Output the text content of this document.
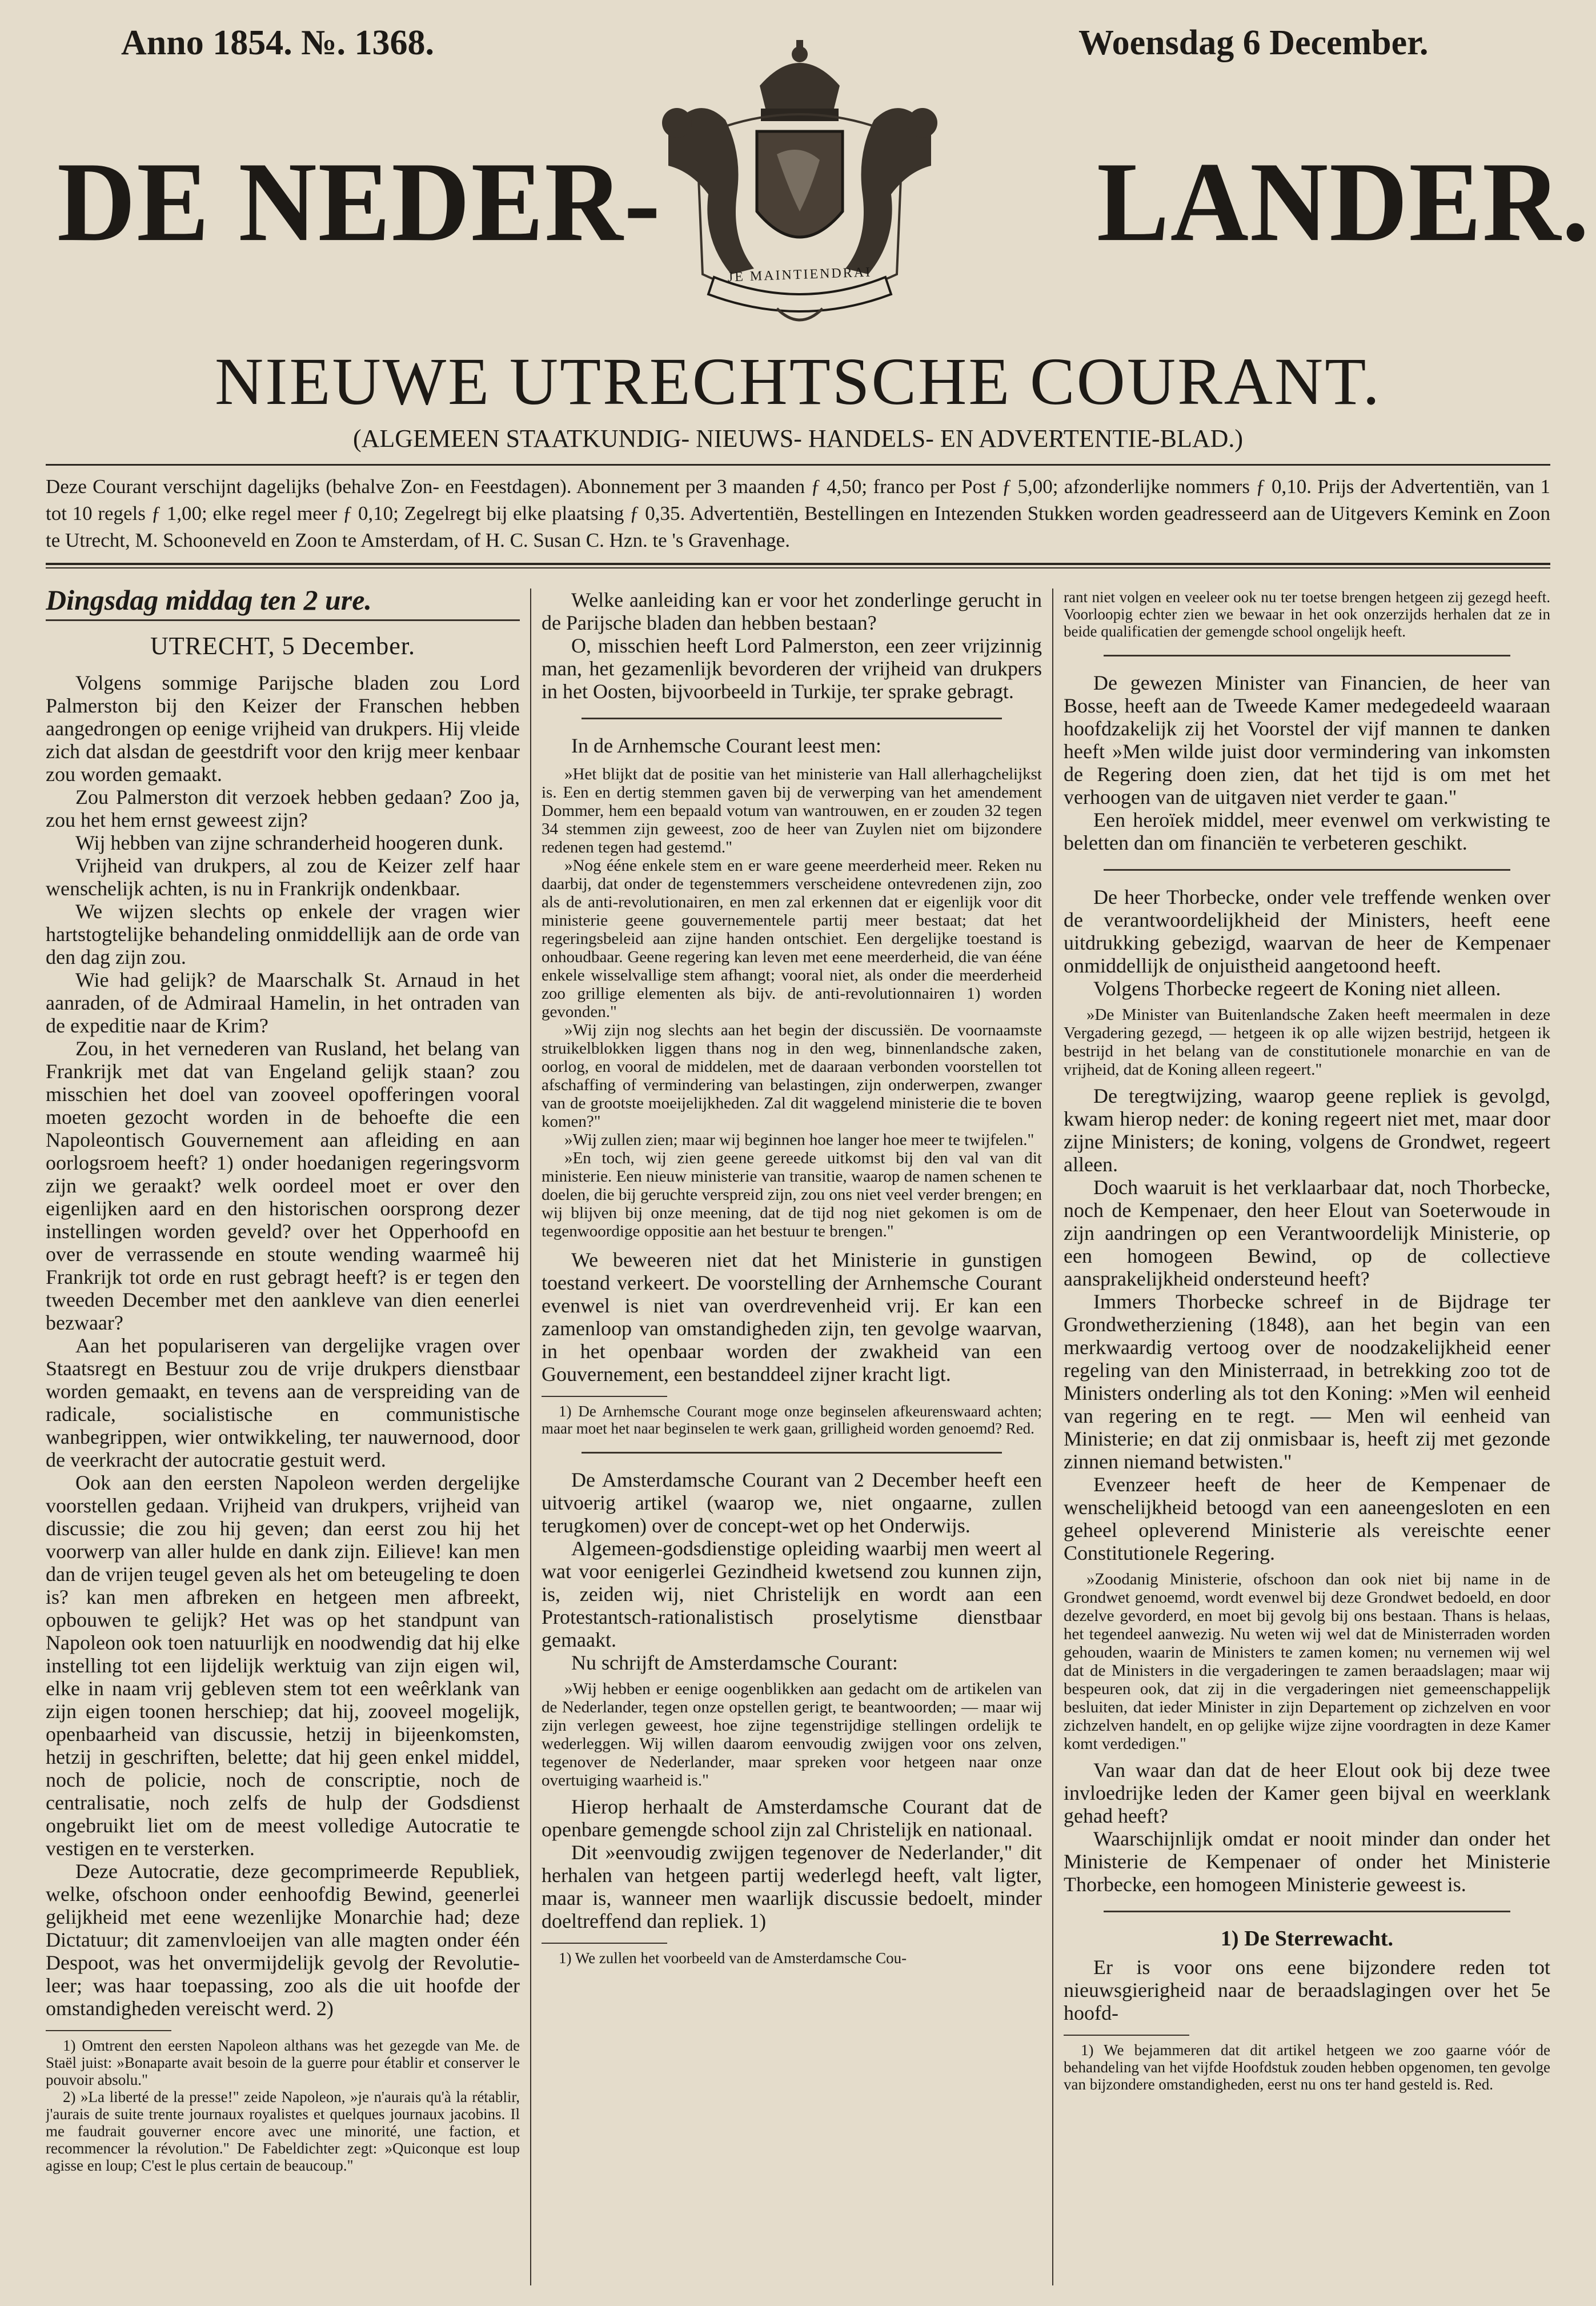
Anno 1854. №. 1368.	Woensdag 6 December.
DE NEDER-	LANDER.
JE MAINTIENDRAI
NIEUWE UTRECHTSCHE COURANT.
(ALGEMEEN STAATKUNDIG- NIEUWS- HANDELS- EN ADVERTENTIE-BLAD.)
Deze Courant verschijnt dagelijks (behalve Zon- en Feestdagen). Abonnement per 3 maanden ƒ 4,50; franco per Post ƒ 5,00; afzonderlijke nommers ƒ 0,10. Prijs der Advertentiën, van 1 tot 10 regels ƒ 1,00; elke regel meer ƒ 0,10; Zegelregt bij elke plaatsing ƒ 0,35. Advertentiën, Bestellingen en Intezenden Stukken worden geadresseerd aan de Uitgevers Kemink en Zoon te Utrecht, M. Schooneveld en Zoon te Amsterdam, of H. C. Susan C. Hzn. te 's Gravenhage.

Dingsdag middag ten 2 ure.

UTRECHT, 5 December.

Volgens sommige Parijsche bladen zou Lord Palmerston bij den Keizer der Franschen hebben aangedrongen op eenige vrijheid van drukpers. Hij vleide zich dat alsdan de geestdrift voor den krijg meer kenbaar zou worden gemaakt.

Zou Palmerston dit verzoek hebben gedaan? Zoo ja, zou het hem ernst geweest zijn?

Wij hebben van zijne schranderheid hoogeren dunk.

Vrijheid van drukpers, al zou de Keizer zelf haar wenschelijk achten, is nu in Frankrijk ondenkbaar.

We wijzen slechts op enkele der vragen wier hartstogtelijke behandeling onmiddellijk aan de orde van den dag zijn zou.

Wie had gelijk? de Maarschalk St. Arnaud in het aanraden, of de Admiraal Hamelin, in het ontraden van de expeditie naar de Krim?

Zou, in het vernederen van Rusland, het belang van Frankrijk met dat van Engeland gelijk staan? zou misschien het doel van zooveel opofferingen vooral moeten gezocht worden in de behoefte die een Napoleontisch Gouvernement aan afleiding en aan oorlogsroem heeft? 1) onder hoedanigen regeringsvorm zijn we geraakt? welk oordeel moet er over den eigenlijken aard en den historischen oorsprong dezer instellingen worden geveld? over het Opperhoofd en over de verrassende en stoute wending waarmeê hij Frankrijk tot orde en rust gebragt heeft? is er tegen den tweeden December met den aankleve van dien eenerlei bezwaar?

Aan het populariseren van dergelijke vragen over Staatsregt en Bestuur zou de vrije drukpers dienstbaar worden gemaakt, en tevens aan de verspreiding van de radicale, socialistische en communistische wanbegrippen, wier ontwikkeling, ter nauwernood, door de veerkracht der autocratie gestuit werd.

Ook aan den eersten Napoleon werden dergelijke voorstellen gedaan. Vrijheid van drukpers, vrijheid van discussie; die zou hij geven; dan eerst zou hij het voorwerp van aller hulde en dank zijn. Eilieve! kan men dan de vrijen teugel geven als het om beteugeling te doen is? kan men afbreken en hetgeen men afbreekt, opbouwen te gelijk? Het was op het standpunt van Napoleon ook toen natuurlijk en noodwendig dat hij elke instelling tot een lijdelijk werktuig van zijn eigen wil, elke in naam vrij gebleven stem tot een weêrklank van zijn eigen toonen herschiep; dat hij, zooveel mogelijk, openbaarheid van discussie, hetzij in bijeenkomsten, hetzij in geschriften, belette; dat hij geen enkel middel, noch de policie, noch de conscriptie, noch de centralisatie, noch zelfs de hulp der Godsdienst ongebruikt liet om de meest volledige Autocratie te vestigen en te versterken.

Deze Autocratie, deze gecomprimeerde Republiek, welke, ofschoon onder eenhoofdig Bewind, geenerlei gelijkheid met eene wezenlijke Monarchie had; deze Dictatuur; dit zamenvloeijen van alle magten onder één Despoot, was het onvermijdelijk gevolg der Revolutie-leer; was haar toepassing, zoo als die uit hoofde der omstandigheden vereischt werd. 2)

1) Omtrent den eersten Napoleon althans was het gezegde van Me. de Staël juist: »Bonaparte avait besoin de la guerre pour établir et conserver le pouvoir absolu."

2) »La liberté de la presse!" zeide Napoleon, »je n'aurais qu'à la rétablir, j'aurais de suite trente journaux royalistes et quelques journaux jacobins. Il me faudrait gouverner encore avec une minorité, une faction, et recommencer la révolution." De Fabeldichter zegt: »Quiconque est loup agisse en loup; C'est le plus certain de beaucoup."

Welke aanleiding kan er voor het zonderlinge gerucht in de Parijsche bladen dan hebben bestaan?

O, misschien heeft Lord Palmerston, een zeer vrijzinnig man, het gezamenlijk bevorderen der vrijheid van drukpers in het Oosten, bijvoorbeeld in Turkije, ter sprake gebragt.

In de Arnhemsche Courant leest men:

»Het blijkt dat de positie van het ministerie van Hall allerhagchelijkst is. Een en dertig stemmen gaven bij de verwerping van het amendement Dommer, hem een bepaald votum van wantrouwen, en er zouden 32 tegen 34 stemmen zijn geweest, zoo de heer van Zuylen niet om bijzondere redenen tegen had gestemd."

»Nog ééne enkele stem en er ware geene meerderheid meer. Reken nu daarbij, dat onder de tegenstemmers verscheidene ontevredenen zijn, zoo als de anti-revolutionairen, en men zal erkennen dat er eigenlijk voor dit ministerie geene gouvernementele partij meer bestaat; dat het regeringsbeleid aan zijne handen ontschiet. Een dergelijke toestand is onhoudbaar. Geene regering kan leven met eene meerderheid, die van ééne enkele wisselvallige stem afhangt; vooral niet, als onder die meerderheid zoo grillige elementen als bijv. de anti-revolutionnairen 1) worden gevonden."

»Wij zijn nog slechts aan het begin der discussiën. De voornaamste struikelblokken liggen thans nog in den weg, binnenlandsche zaken, oorlog, en vooral de middelen, met de daaraan verbonden voorstellen tot afschaffing of vermindering van belastingen, zijn onderwerpen, zwanger van de grootste moeijelijkheden. Zal dit waggelend ministerie die te boven komen?"

»Wij zullen zien; maar wij beginnen hoe langer hoe meer te twijfelen."

»En toch, wij zien geene gereede uitkomst bij den val van dit ministerie. Een nieuw ministerie van transitie, waarop de namen schenen te doelen, die bij geruchte verspreid zijn, zou ons niet veel verder brengen; en wij blijven bij onze meening, dat de tijd nog niet gekomen is om de tegenwoordige oppositie aan het bestuur te brengen."

We beweeren niet dat het Ministerie in gunstigen toestand verkeert. De voorstelling der Arnhemsche Courant evenwel is niet van overdrevenheid vrij. Er kan een zamenloop van omstandigheden zijn, ten gevolge waarvan, in het openbaar worden der zwakheid van een Gouvernement, een bestanddeel zijner kracht ligt.

1) De Arnhemsche Courant moge onze beginselen afkeurenswaard achten; maar moet het naar beginselen te werk gaan, grilligheid worden genoemd? Red.

De Amsterdamsche Courant van 2 December heeft een uitvoerig artikel (waarop we, niet ongaarne, zullen terugkomen) over de concept-wet op het Onderwijs.

Algemeen-godsdienstige opleiding waarbij men weert al wat voor eenigerlei Gezindheid kwetsend zou kunnen zijn, is, zeiden wij, niet Christelijk en wordt aan een Protestantsch-rationalistisch proselytisme dienstbaar gemaakt.

Nu schrijft de Amsterdamsche Courant:

»Wij hebben er eenige oogenblikken aan gedacht om de artikelen van de Nederlander, tegen onze opstellen gerigt, te beantwoorden; — maar wij zijn verlegen geweest, hoe zijne tegenstrijdige stellingen ordelijk te wederleggen. Wij willen daarom eenvoudig zwijgen voor ons zelven, tegenover de Nederlander, maar spreken voor hetgeen naar onze overtuiging waarheid is."

Hierop herhaalt de Amsterdamsche Courant dat de openbare gemengde school zijn zal Christelijk en nationaal.

Dit »eenvoudig zwijgen tegenover de Nederlander," dit herhalen van hetgeen partij wederlegd heeft, valt ligter, maar is, wanneer men waarlijk discussie bedoelt, minder doeltreffend dan repliek. 1)

1) We zullen het voorbeeld van de Amsterdamsche Cou-

rant niet volgen en veeleer ook nu ter toetse brengen hetgeen zij gezegd heeft. Voorloopig echter zien we bewaar in het ook onzerzijds herhalen dat ze in beide qualificatien der gemengde school ongelijk heeft.

De gewezen Minister van Financien, de heer van Bosse, heeft aan de Tweede Kamer medegedeeld waaraan hoofdzakelijk zij het Voorstel der vijf mannen te danken heeft »Men wilde juist door vermindering van inkomsten de Regering doen zien, dat het tijd is om met het verhoogen van de uitgaven niet verder te gaan."

Een heroïek middel, meer evenwel om verkwisting te beletten dan om financiën te verbeteren geschikt.

De heer Thorbecke, onder vele treffende wenken over de verantwoordelijkheid der Ministers, heeft eene uitdrukking gebezigd, waarvan de heer de Kempenaer onmiddellijk de onjuistheid aangetoond heeft.

Volgens Thorbecke regeert de Koning niet alleen.

»De Minister van Buitenlandsche Zaken heeft meermalen in deze Vergadering gezegd, — hetgeen ik op alle wijzen bestrijd, hetgeen ik bestrijd in het belang van de constitutionele monarchie en van de vrijheid, dat de Koning alleen regeert."

De teregtwijzing, waarop geene repliek is gevolgd, kwam hierop neder: de koning regeert niet met, maar door zijne Ministers; de koning, volgens de Grondwet, regeert alleen.

Doch waaruit is het verklaarbaar dat, noch Thorbecke, noch de Kempenaer, den heer Elout van Soeterwoude in zijn aandringen op een Verantwoordelijk Ministerie, op een homogeen Bewind, op de collectieve aansprakelijkheid ondersteund heeft?

Immers Thorbecke schreef in de Bijdrage ter Grondwetherziening (1848), aan het begin van een merkwaardig vertoog over de noodzakelijkheid eener regeling van den Ministerraad, in betrekking zoo tot de Ministers onderling als tot den Koning: »Men wil eenheid van regering en te regt. — Men wil eenheid van Ministerie; en dat zij onmisbaar is, heeft zij met gezonde zinnen niemand betwisten."

Evenzeer heeft de heer de Kempenaer de wenschelijkheid betoogd van een aaneengesloten en een geheel opleverend Ministerie als vereischte eener Constitutionele Regering.

»Zoodanig Ministerie, ofschoon dan ook niet bij name in de Grondwet genoemd, wordt evenwel bij deze Grondwet bedoeld, en door dezelve gevorderd, en moet bij gevolg bij ons bestaan. Thans is helaas, het tegendeel aanwezig. Nu weten wij wel dat de Ministerraden worden gehouden, waarin de Ministers te zamen komen; nu vernemen wij wel dat de Ministers in die vergaderingen te zamen beraadslagen; maar wij bespeuren ook, dat zij in die vergaderingen niet gemeenschappelijk besluiten, dat ieder Minister in zijn Departement op zichzelven en voor zichzelven handelt, en op gelijke wijze zijne voordragten in deze Kamer komt verdedigen."

Van waar dan dat de heer Elout ook bij deze twee invloedrijke leden der Kamer geen bijval en weerklank gehad heeft?

Waarschijnlijk omdat er nooit minder dan onder het Ministerie de Kempenaer of onder het Ministerie Thorbecke, een homogeen Ministerie geweest is.

1) De Sterrewacht.

Er is voor ons eene bijzondere reden tot nieuwsgierigheid naar de beraadslagingen over het 5e hoofd-

1) We bejammeren dat dit artikel hetgeen we zoo gaarne vóór de behandeling van het vijfde Hoofdstuk zouden hebben opgenomen, ten gevolge van bijzondere omstandigheden, eerst nu ons ter hand gesteld is. Red.
